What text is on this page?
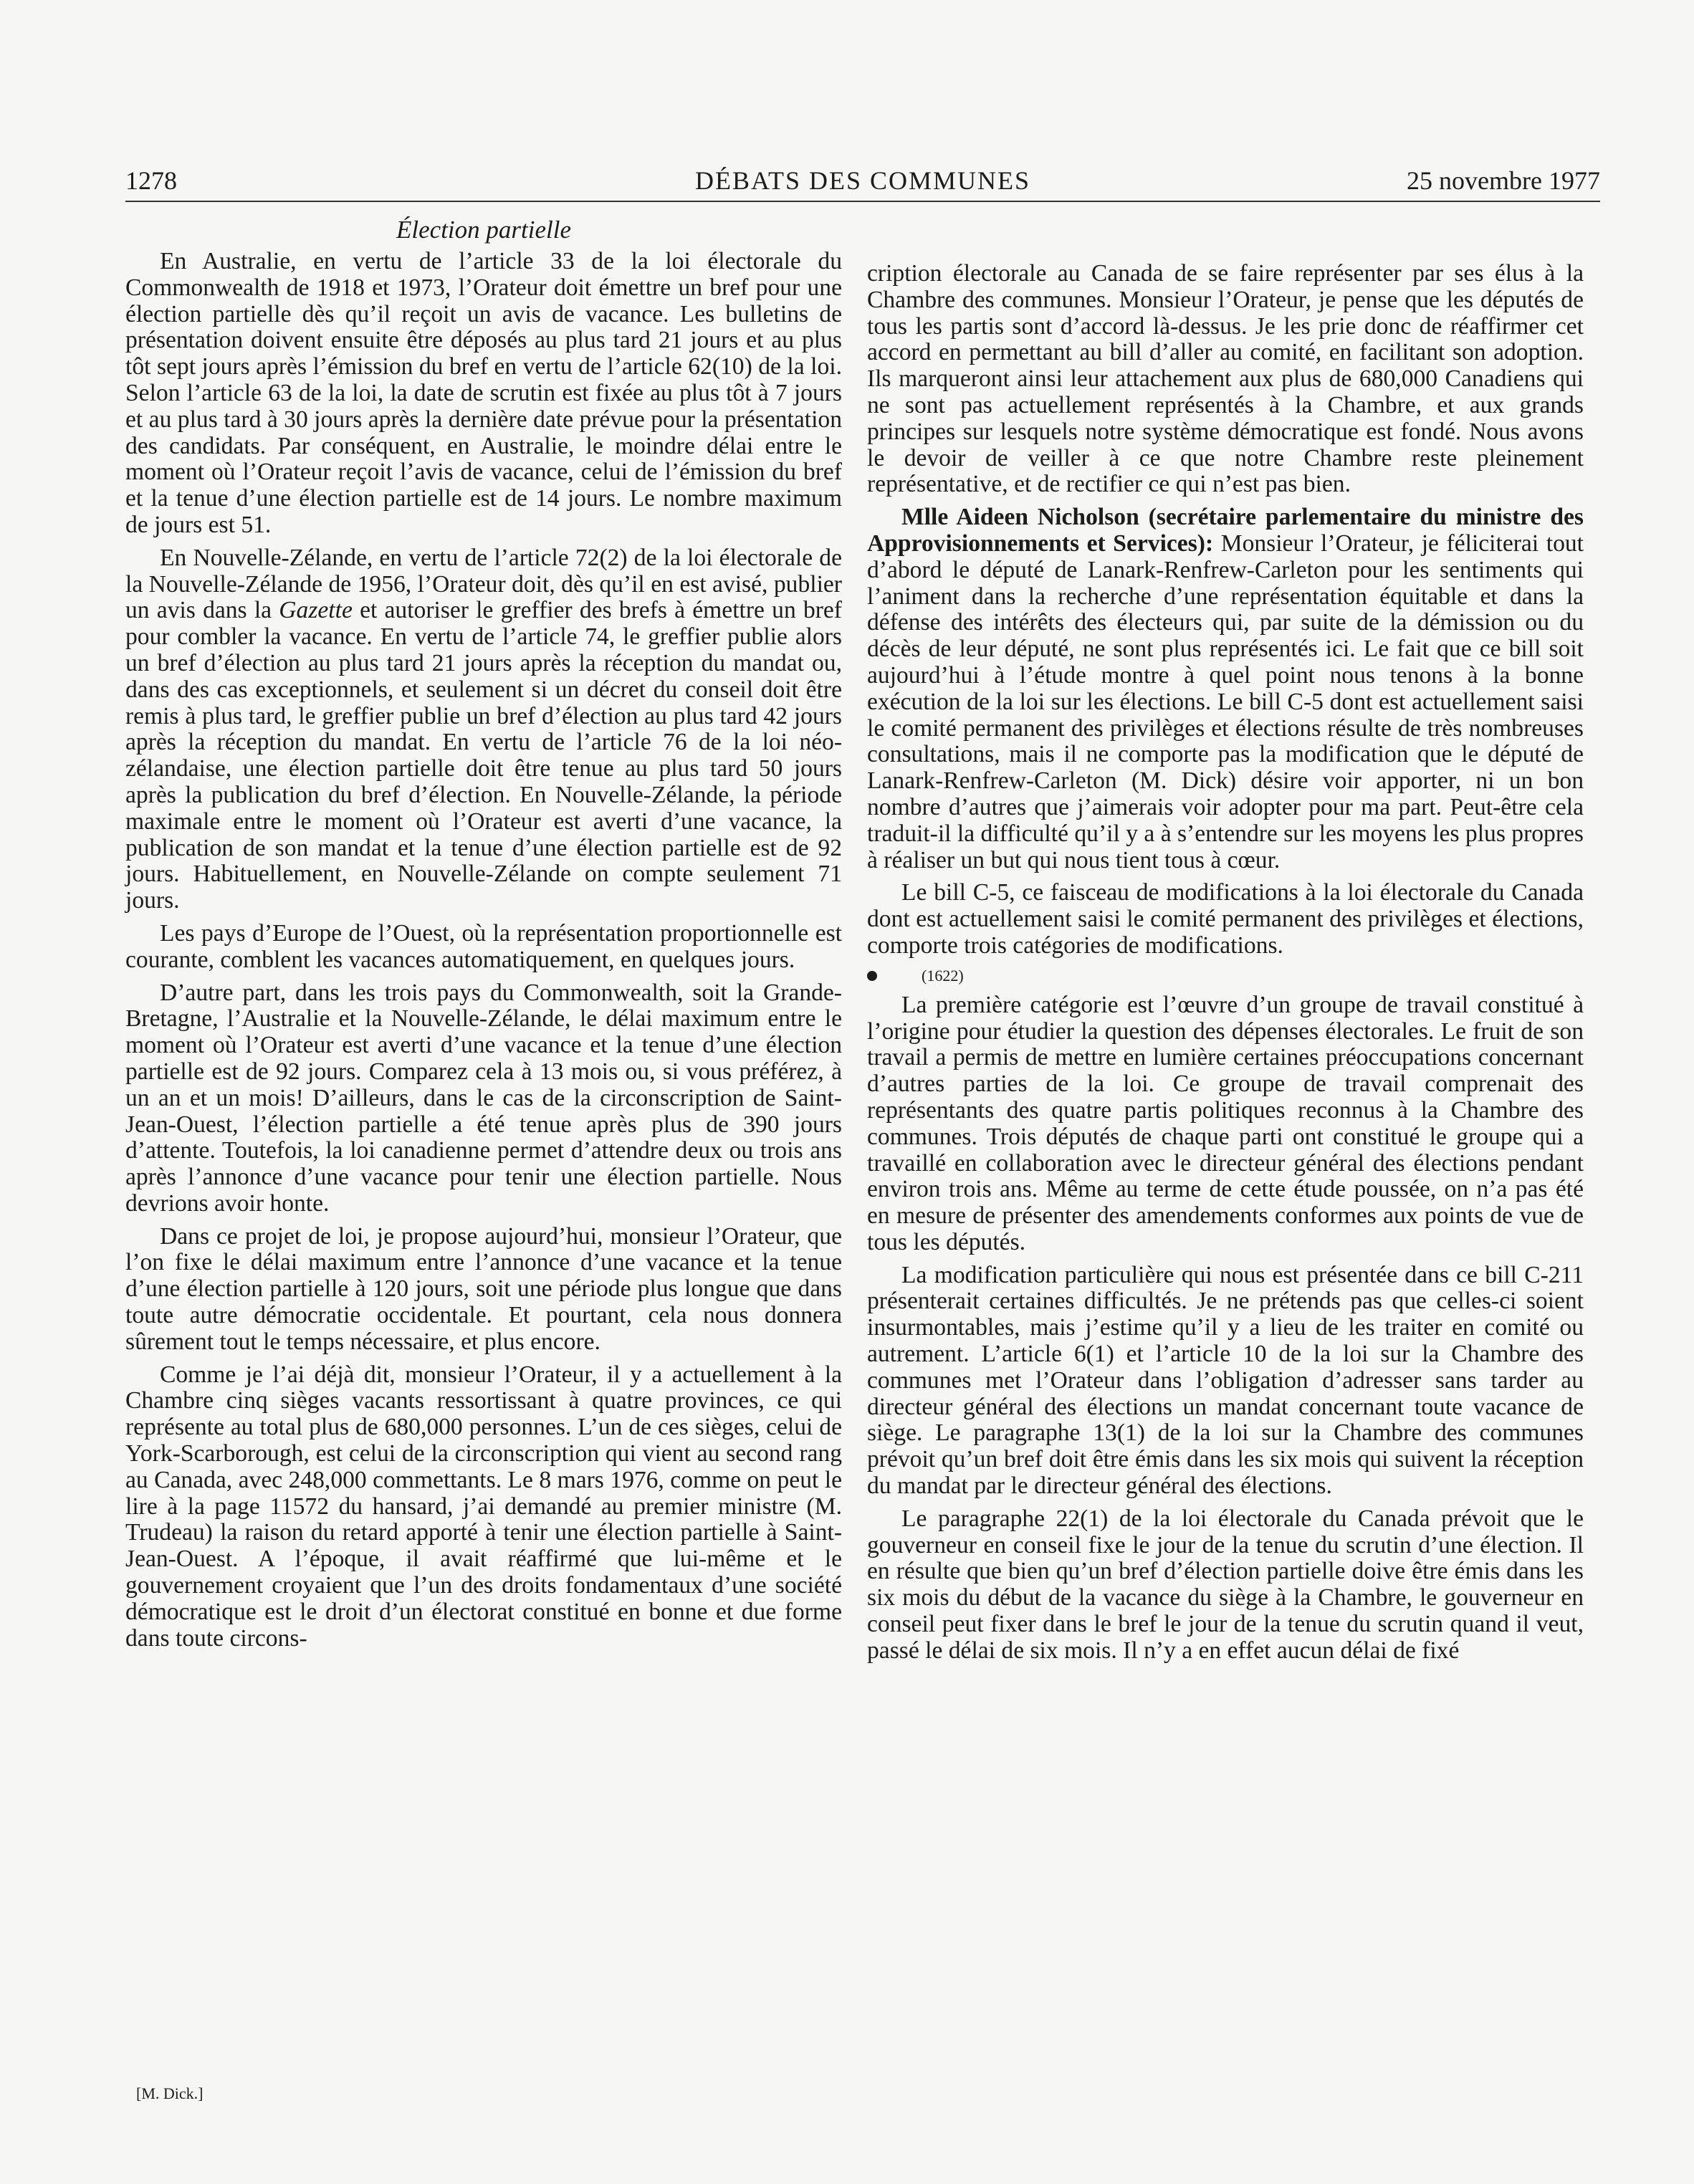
1278	DÉBATS DES COMMUNES	25 novembre 1977
Élection partielle

En Australie, en vertu de l’article 33 de la loi électorale du Commonwealth de 1918 et 1973, l’Orateur doit émettre un bref pour une élection partielle dès qu’il reçoit un avis de vacance. Les bulletins de présentation doivent ensuite être déposés au plus tard 21 jours et au plus tôt sept jours après l’émission du bref en vertu de l’article 62(10) de la loi. Selon l’article 63 de la loi, la date de scrutin est fixée au plus tôt à 7 jours et au plus tard à 30 jours après la dernière date prévue pour la présentation des candidats. Par conséquent, en Australie, le moindre délai entre le moment où l’Orateur reçoit l’avis de vacance, celui de l’émission du bref et la tenue d’une élection partielle est de 14 jours. Le nombre maximum de jours est 51.

En Nouvelle-Zélande, en vertu de l’article 72(2) de la loi électorale de la Nouvelle-Zélande de 1956, l’Orateur doit, dès qu’il en est avisé, publier un avis dans la Gazette et autoriser le greffier des brefs à émettre un bref pour combler la vacance. En vertu de l’article 74, le greffier publie alors un bref d’élection au plus tard 21 jours après la réception du mandat ou, dans des cas exceptionnels, et seulement si un décret du conseil doit être remis à plus tard, le greffier publie un bref d’élection au plus tard 42 jours après la réception du mandat. En vertu de l’article 76 de la loi néo-zélandaise, une élection partielle doit être tenue au plus tard 50 jours après la publication du bref d’élection. En Nouvelle-Zélande, la période maximale entre le moment où l’Orateur est averti d’une vacance, la publication de son mandat et la tenue d’une élection partielle est de 92 jours. Habituellement, en Nouvelle-Zélande on compte seulement 71 jours.

Les pays d’Europe de l’Ouest, où la représentation proportionnelle est courante, comblent les vacances automatiquement, en quelques jours.

D’autre part, dans les trois pays du Commonwealth, soit la Grande-Bretagne, l’Australie et la Nouvelle-Zélande, le délai maximum entre le moment où l’Orateur est averti d’une vacance et la tenue d’une élection partielle est de 92 jours. Comparez cela à 13 mois ou, si vous préférez, à un an et un mois! D’ailleurs, dans le cas de la circonscription de Saint-Jean-Ouest, l’élection partielle a été tenue après plus de 390 jours d’attente. Toutefois, la loi canadienne permet d’attendre deux ou trois ans après l’annonce d’une vacance pour tenir une élection partielle. Nous devrions avoir honte.

Dans ce projet de loi, je propose aujourd’hui, monsieur l’Orateur, que l’on fixe le délai maximum entre l’annonce d’une vacance et la tenue d’une élection partielle à 120 jours, soit une période plus longue que dans toute autre démocratie occidentale. Et pourtant, cela nous donnera sûrement tout le temps nécessaire, et plus encore.

Comme je l’ai déjà dit, monsieur l’Orateur, il y a actuellement à la Chambre cinq sièges vacants ressortissant à quatre provinces, ce qui représente au total plus de 680,000 personnes. L’un de ces sièges, celui de York-Scarborough, est celui de la circonscription qui vient au second rang au Canada, avec 248,000 commettants. Le 8 mars 1976, comme on peut le lire à la page 11572 du hansard, j’ai demandé au premier ministre (M. Trudeau) la raison du retard apporté à tenir une élection partielle à Saint-Jean-Ouest. A l’époque, il avait réaffirmé que lui-même et le gouvernement croyaient que l’un des droits fondamentaux d’une société démocratique est le droit d’un électorat constitué en bonne et due forme dans toute circons-

[M. Dick.]

cription électorale au Canada de se faire représenter par ses élus à la Chambre des communes. Monsieur l’Orateur, je pense que les députés de tous les partis sont d’accord là-dessus. Je les prie donc de réaffirmer cet accord en permettant au bill d’aller au comité, en facilitant son adoption. Ils marqueront ainsi leur attachement aux plus de 680,000 Canadiens qui ne sont pas actuellement représentés à la Chambre, et aux grands principes sur lesquels notre système démocratique est fondé. Nous avons le devoir de veiller à ce que notre Chambre reste pleinement représentative, et de rectifier ce qui n’est pas bien.

Mlle Aideen Nicholson (secrétaire parlementaire du ministre des Approvisionnements et Services): Monsieur l’Orateur, je féliciterai tout d’abord le député de Lanark-Renfrew-Carleton pour les sentiments qui l’animent dans la recherche d’une représentation équitable et dans la défense des intérêts des électeurs qui, par suite de la démission ou du décès de leur député, ne sont plus représentés ici. Le fait que ce bill soit aujourd’hui à l’étude montre à quel point nous tenons à la bonne exécution de la loi sur les élections. Le bill C-5 dont est actuellement saisi le comité permanent des privilèges et élections résulte de très nombreuses consultations, mais il ne comporte pas la modification que le député de Lanark-Renfrew-Carleton (M. Dick) désire voir apporter, ni un bon nombre d’autres que j’aimerais voir adopter pour ma part. Peut-être cela traduit-il la difficulté qu’il y a à s’entendre sur les moyens les plus propres à réaliser un but qui nous tient tous à cœur.

Le bill C-5, ce faisceau de modifications à la loi électorale du Canada dont est actuellement saisi le comité permanent des privilèges et élections, comporte trois catégories de modifications.

(1622)

La première catégorie est l’œuvre d’un groupe de travail constitué à l’origine pour étudier la question des dépenses électorales. Le fruit de son travail a permis de mettre en lumière certaines préoccupations concernant d’autres parties de la loi. Ce groupe de travail comprenait des représentants des quatre partis politiques reconnus à la Chambre des communes. Trois députés de chaque parti ont constitué le groupe qui a travaillé en collaboration avec le directeur général des élections pendant environ trois ans. Même au terme de cette étude poussée, on n’a pas été en mesure de présenter des amendements conformes aux points de vue de tous les députés.

La modification particulière qui nous est présentée dans ce bill C-211 présenterait certaines difficultés. Je ne prétends pas que celles-ci soient insurmontables, mais j’estime qu’il y a lieu de les traiter en comité ou autrement. L’article 6(1) et l’article 10 de la loi sur la Chambre des communes met l’Orateur dans l’obligation d’adresser sans tarder au directeur général des élections un mandat concernant toute vacance de siège. Le paragraphe 13(1) de la loi sur la Chambre des communes prévoit qu’un bref doit être émis dans les six mois qui suivent la réception du mandat par le directeur général des élections.

Le paragraphe 22(1) de la loi électorale du Canada prévoit que le gouverneur en conseil fixe le jour de la tenue du scrutin d’une élection. Il en résulte que bien qu’un bref d’élection partielle doive être émis dans les six mois du début de la vacance du siège à la Chambre, le gouverneur en conseil peut fixer dans le bref le jour de la tenue du scrutin quand il veut, passé le délai de six mois. Il n’y a en effet aucun délai de fixé
